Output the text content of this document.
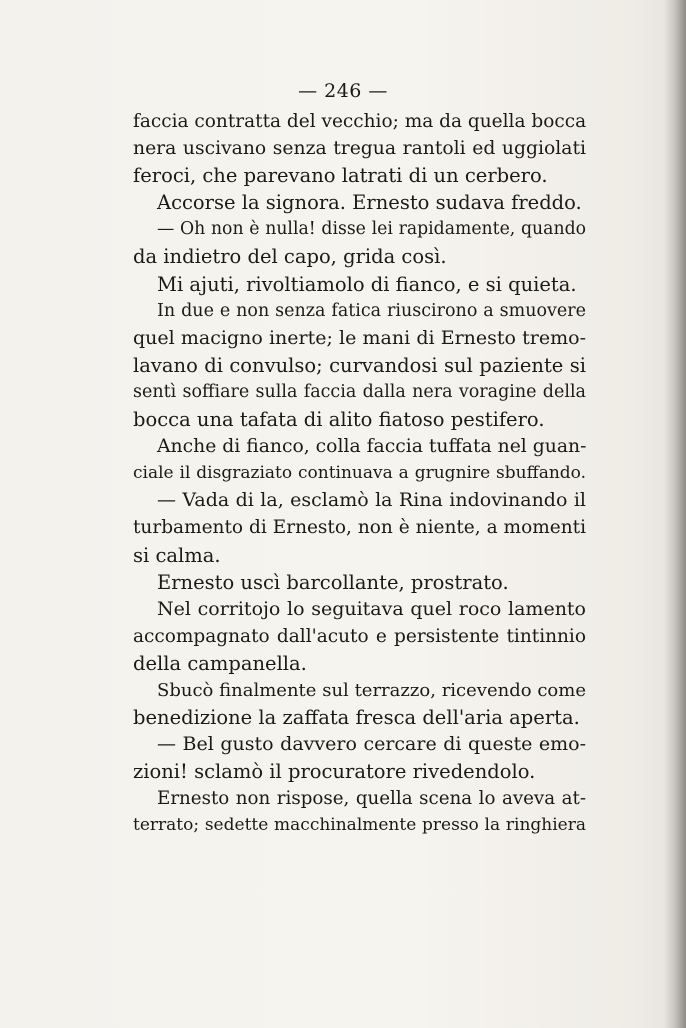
— 246 —
faccia contratta del vecchio; ma da quella bocca
nera uscivano senza tregua rantoli ed uggiolati
feroci, che parevano latrati di un cerbero.
Accorse la signora. Ernesto sudava freddo.
— Oh non è nulla! disse lei rapidamente, quando
da indietro del capo, grida così.
Mi ajuti, rivoltiamolo di fianco, e si quieta.
In due e non senza fatica riuscirono a smuovere
quel macigno inerte; le mani di Ernesto tremo-
lavano di convulso; curvandosi sul paziente si
sentì soffiare sulla faccia dalla nera voragine della
bocca una tafata di alito fiatoso pestifero.
Anche di fianco, colla faccia tuffata nel guan-
ciale il disgraziato continuava a grugnire sbuffando.
— Vada di la, esclamò la Rina indovinando il
turbamento di Ernesto, non è niente, a momenti
si calma.
Ernesto uscì barcollante, prostrato.
Nel corritojo lo seguitava quel roco lamento
accompagnato dall'acuto e persistente tintinnio
della campanella.
Sbucò finalmente sul terrazzo, ricevendo come
benedizione la zaffata fresca dell'aria aperta.
— Bel gusto davvero cercare di queste emo-
zioni! sclamò il procuratore rivedendolo.
Ernesto non rispose, quella scena lo aveva at-
terrato; sedette macchinalmente presso la ringhiera
